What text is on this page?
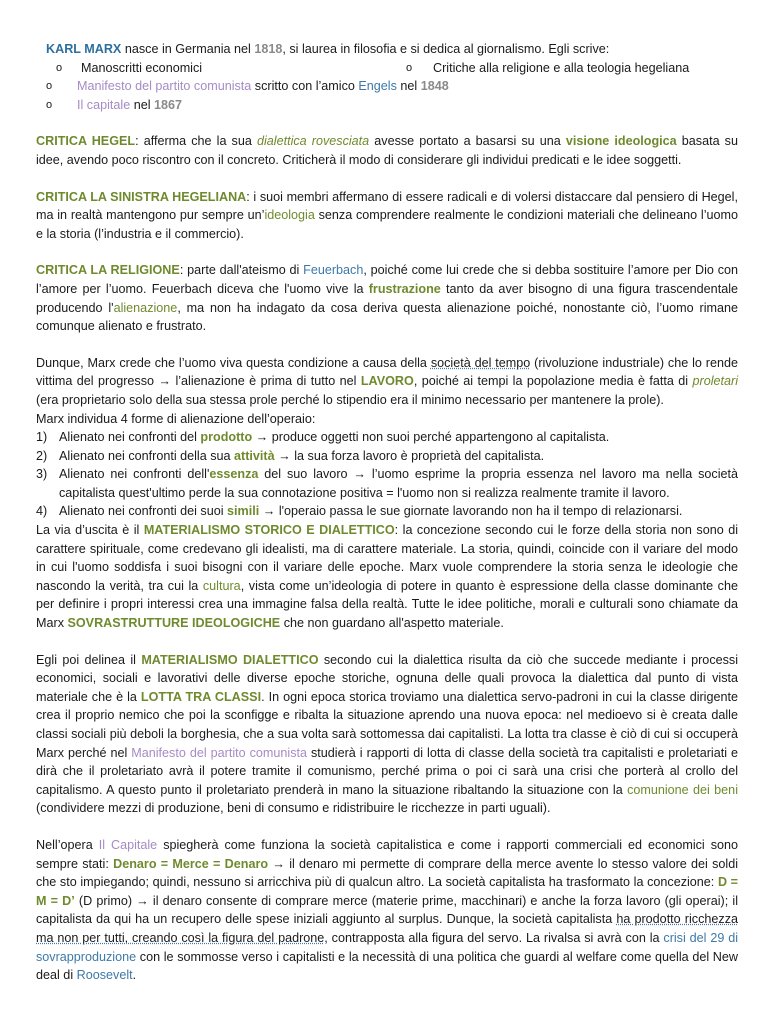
KARL MARX nasce in Germania nel 1818, si laurea in filosofia e si dedica al giornalismo. Egli scrive:

o Manoscritti economici
o	Critiche alla religione e alla teologia hegeliana
o Manifesto del partito comunista scritto con l’amico Engels nel 1848
o Il capitale nel 1867

CRITICA HEGEL: afferma che la sua dialettica rovesciata avesse portato a basarsi su una visione ideologica basata su idee, avendo poco riscontro con il concreto. Criticherà il modo di considerare gli individui predicati e le idee soggetti.

CRITICA LA SINISTRA HEGELIANA: i suoi membri affermano di essere radicali e di volersi distaccare dal pensiero di Hegel, ma in realtà mantengono pur sempre un’ideologia senza comprendere realmente le condizioni materiali che delineano l’uomo e la storia (l’industria e il commercio).

CRITICA LA RELIGIONE: parte dall'ateismo di Feuerbach, poiché come lui crede che si debba sostituire l’amore per Dio con l’amore per l’uomo. Feuerbach diceva che l'uomo vive la frustrazione tanto da aver bisogno di una figura trascendentale producendo l'alienazione, ma non ha indagato da cosa deriva questa alienazione poiché, nonostante ciò, l’uomo rimane comunque alienato e frustrato.

Dunque, Marx crede che l’uomo viva questa condizione a causa della società del tempo (rivoluzione industriale) che lo rende vittima del progresso → l’alienazione è prima di tutto nel LAVORO, poiché ai tempi la popolazione media è fatta di proletari (era proprietario solo della sua stessa prole perché lo stipendio era il minimo necessario per mantenere la prole).

Marx individua 4 forme di alienazione dell’operaio:

1) Alienato nei confronti del prodotto → produce oggetti non suoi perché appartengono al capitalista.
2) Alienato nei confronti della sua attività → la sua forza lavoro è proprietà del capitalista.
3) Alienato nei confronti dell'essenza del suo lavoro → l’uomo esprime la propria essenza nel lavoro ma nella società capitalista quest'ultimo perde la sua connotazione positiva = l'uomo non si realizza realmente tramite il lavoro.
4) Alienato nei confronti dei suoi simili → l'operaio passa le sue giornate lavorando non ha il tempo di relazionarsi.

La via d’uscita è il MATERIALISMO STORICO E DIALETTICO: la concezione secondo cui le forze della storia non sono di carattere spirituale, come credevano gli idealisti, ma di carattere materiale. La storia, quindi, coincide con il variare del modo in cui l'uomo soddisfa i suoi bisogni con il variare delle epoche. Marx vuole comprendere la storia senza le ideologie che nascondo la verità, tra cui la cultura, vista come un’ideologia di potere in quanto è espressione della classe dominante che per definire i propri interessi crea una immagine falsa della realtà. Tutte le idee politiche, morali e culturali sono chiamate da Marx SOVRASTRUTTURE IDEOLOGICHE che non guardano all'aspetto materiale.

Egli poi delinea il MATERIALISMO DIALETTICO secondo cui la dialettica risulta da ciò che succede mediante i processi economici, sociali e lavorativi delle diverse epoche storiche, ognuna delle quali provoca la dialettica dal punto di vista materiale che è la LOTTA TRA CLASSI. In ogni epoca storica troviamo una dialettica servo-padroni in cui la classe dirigente crea il proprio nemico che poi la sconfigge e ribalta la situazione aprendo una nuova epoca: nel medioevo si è creata dalle classi sociali più deboli la borghesia, che a sua volta sarà sottomessa dai capitalisti. La lotta tra classe è ciò di cui si occuperà Marx perché nel Manifesto del partito comunista studierà i rapporti di lotta di classe della società tra capitalisti e proletariati e dirà che il proletariato avrà il potere tramite il comunismo, perché prima o poi ci sarà una crisi che porterà al crollo del capitalismo. A questo punto il proletariato prenderà in mano la situazione ribaltando la situazione con la comunione dei beni (condividere mezzi di produzione, beni di consumo e ridistribuire le ricchezze in parti uguali).

Nell’opera Il Capitale spiegherà come funziona la società capitalistica e come i rapporti commerciali ed economici sono sempre stati: Denaro = Merce = Denaro → il denaro mi permette di comprare della merce avente lo stesso valore dei soldi che sto impiegando; quindi, nessuno si arricchiva più di qualcun altro. La società capitalista ha trasformato la concezione: D = M = D’ (D primo) → il denaro consente di comprare merce (materie prime, macchinari) e anche la forza lavoro (gli operai); il capitalista da qui ha un recupero delle spese iniziali aggiunto al surplus. Dunque, la società capitalista ha prodotto ricchezza ma non per tutti, creando così la figura del padrone, contrapposta alla figura del servo. La rivalsa si avrà con la crisi del 29 di sovrapproduzione con le sommosse verso i capitalisti e la necessità di una politica che guardi al welfare come quella del New deal di Roosevelt.
